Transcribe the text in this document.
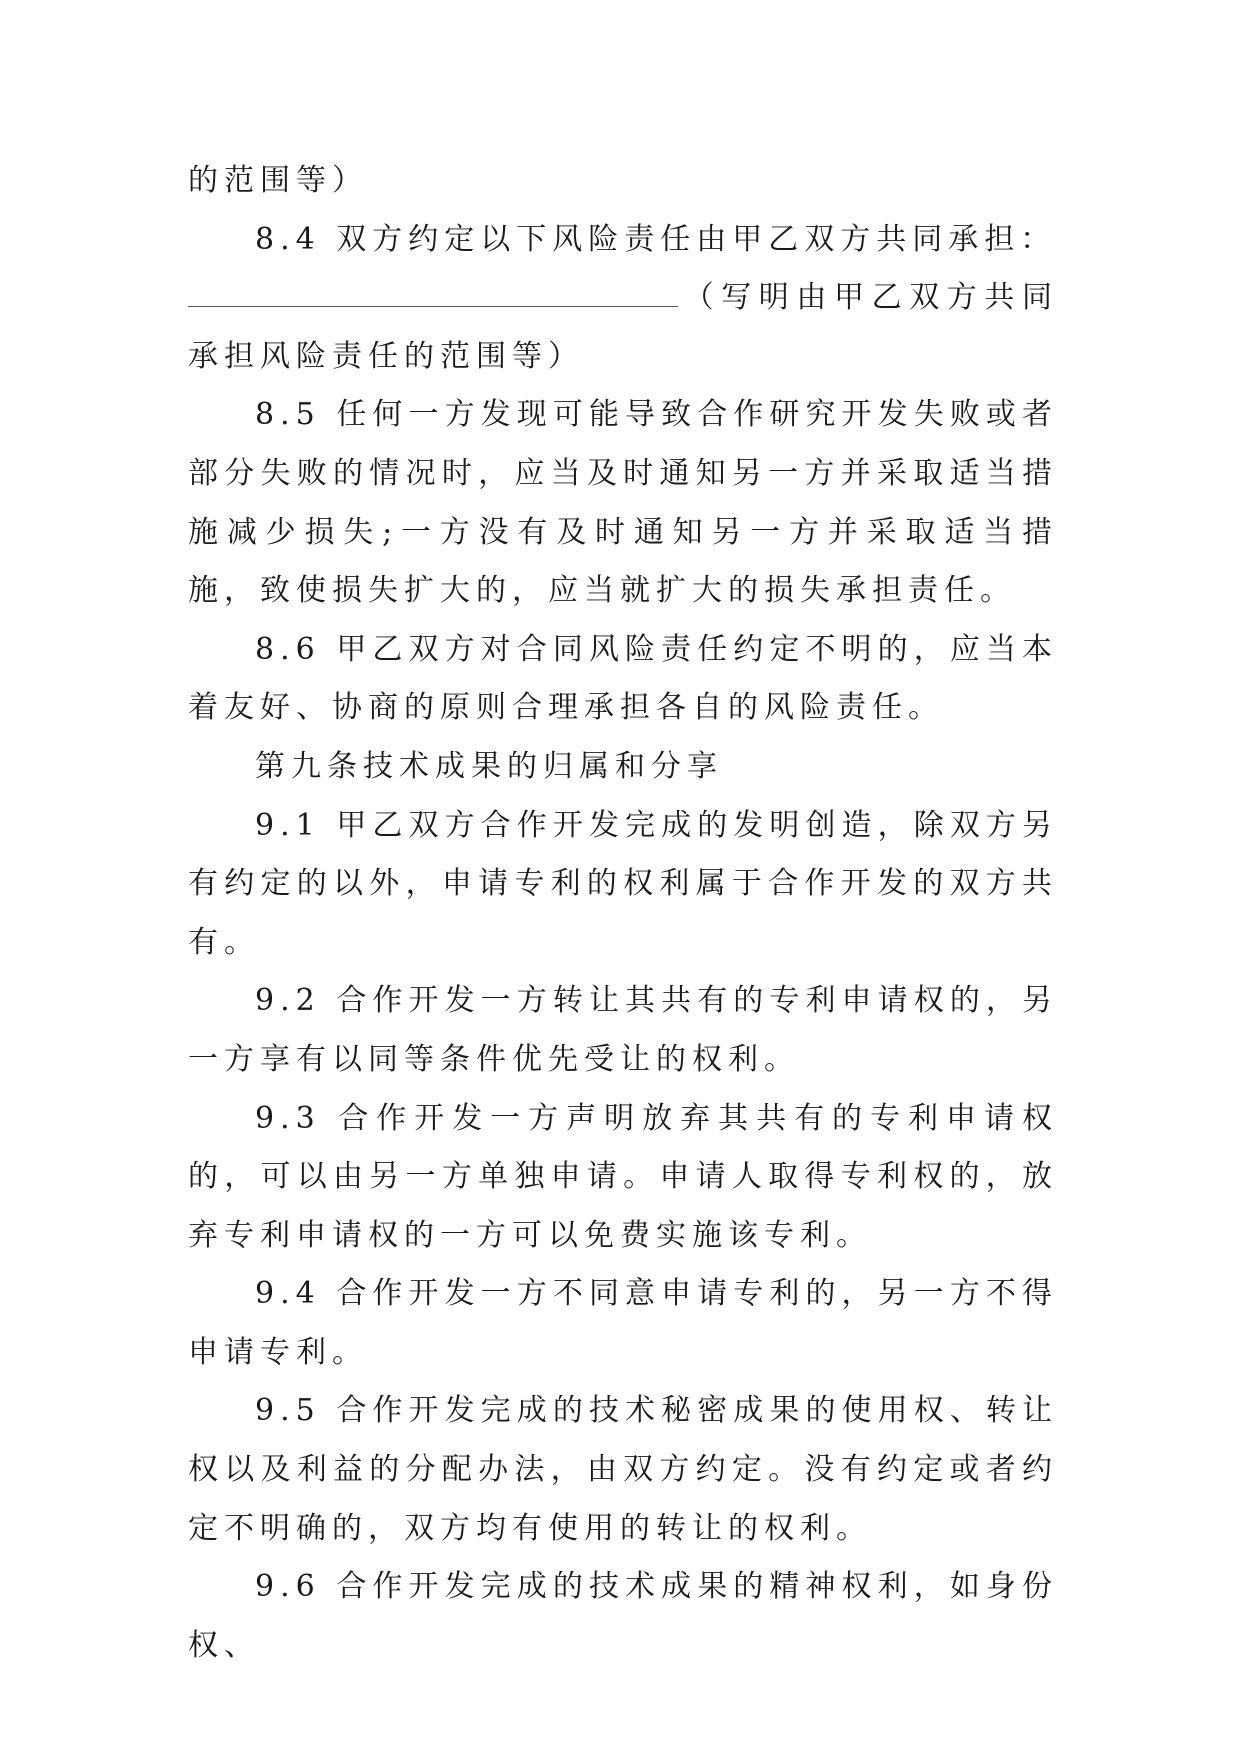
的范围等）

8.4 双方约定以下风险责任由甲乙双方共同承担：

（写明由甲乙双方共同承担风险责任的范围等）

8.5 任何一方发现可能导致合作研究开发失败或者部分失败的情况时，应当及时通知另一方并采取适当措施减少损失;一方没有及时通知另一方并采取适当措施，致使损失扩大的，应当就扩大的损失承担责任。

8.6 甲乙双方对合同风险责任约定不明的，应当本着友好、协商的原则合理承担各自的风险责任。

第九条技术成果的归属和分享

9.1 甲乙双方合作开发完成的发明创造，除双方另有约定的以外，申请专利的权利属于合作开发的双方共有。

9.2 合作开发一方转让其共有的专利申请权的，另一方享有以同等条件优先受让的权利。

9.3 合作开发一方声明放弃其共有的专利申请权的，可以由另一方单独申请。申请人取得专利权的，放弃专利申请权的一方可以免费实施该专利。

9.4 合作开发一方不同意申请专利的，另一方不得申请专利。

9.5 合作开发完成的技术秘密成果的使用权、转让权以及利益的分配办法，由双方约定。没有约定或者约定不明确的，双方均有使用的转让的权利。

9.6 合作开发完成的技术成果的精神权利，如身份权、
